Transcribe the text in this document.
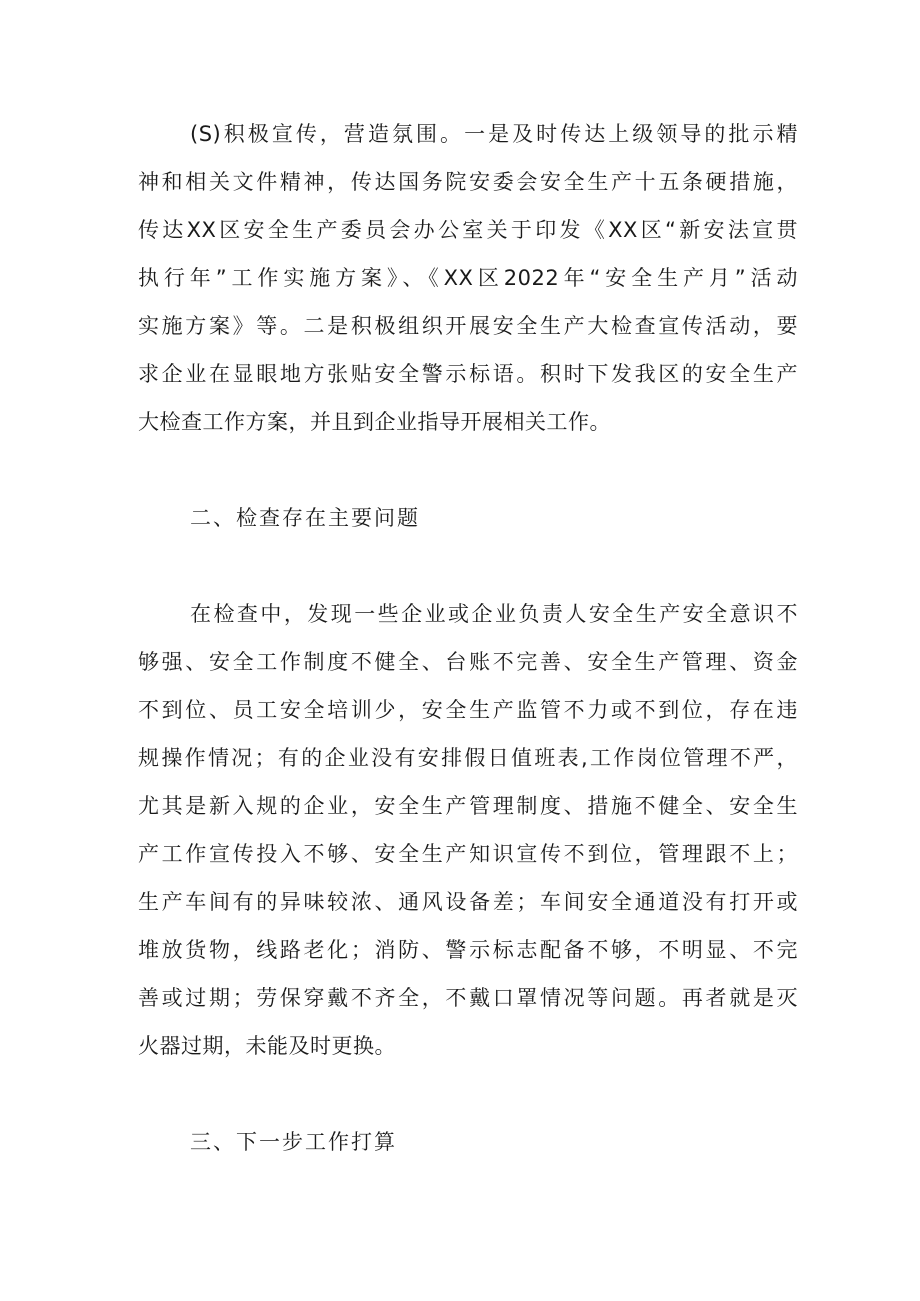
(S)积极宣传，营造氛围。一是及时传达上级领导的批示精
神和相关文件精神，传达国务院安委会安全生产十五条硬措施，
传达XX区安全生产委员会办公室关于印发《XX区“新安法宣贯
执行年”工作实施方案》、《XX区2022年“安全生产月”活动
实施方案》等。二是积极组织开展安全生产大检查宣传活动，要
求企业在显眼地方张贴安全警示标语。积时下发我区的安全生产
大检查工作方案，并且到企业指导开展相关工作。
二、检查存在主要问题
在检查中，发现一些企业或企业负责人安全生产安全意识不
够强、安全工作制度不健全、台账不完善、安全生产管理、资金
不到位、员工安全培训少，安全生产监管不力或不到位，存在违
规操作情况；有的企业没有安排假日值班表,工作岗位管理不严，
尤其是新入规的企业，安全生产管理制度、措施不健全、安全生
产工作宣传投入不够、安全生产知识宣传不到位，管理跟不上；
生产车间有的异味较浓、通风设备差；车间安全通道没有打开或
堆放货物，线路老化；消防、警示标志配备不够，不明显、不完
善或过期；劳保穿戴不齐全，不戴口罩情况等问题。再者就是灭
火器过期，未能及时更换。
三、下一步工作打算
